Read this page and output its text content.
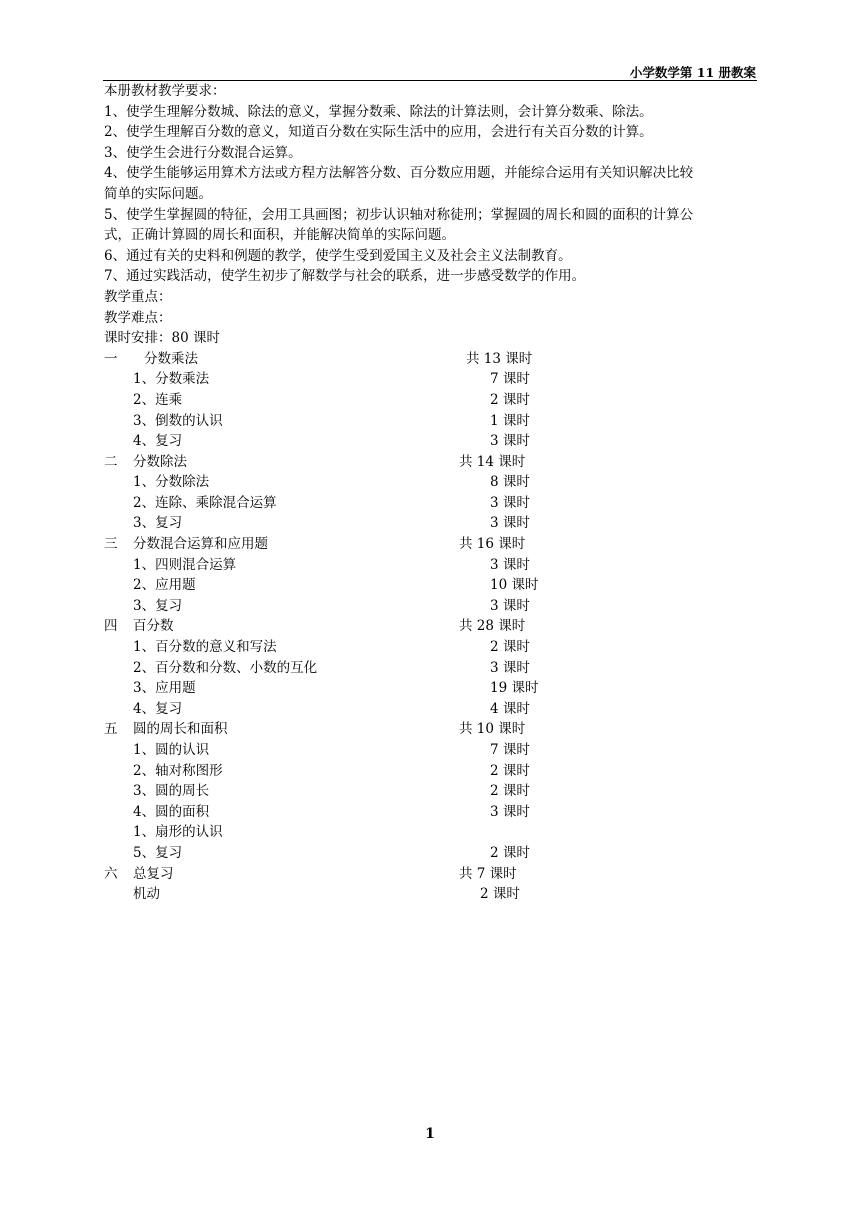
小学数学第 11 册教案
本册教材教学要求：
1、使学生理解分数城、除法的意义，掌握分数乘、除法的计算法则，会计算分数乘、除法。
2、使学生理解百分数的意义，知道百分数在实际生活中的应用，会进行有关百分数的计算。
3、使学生会进行分数混合运算。
4、使学生能够运用算术方法或方程方法解答分数、百分数应用题，并能综合运用有关知识解决比较
简单的实际问题。
5、使学生掌握圆的特征，会用工具画图；初步认识轴对称徒刑；掌握圆的周长和圆的面积的计算公
式，正确计算圆的周长和面积，并能解决简单的实际问题。
6、通过有关的史料和例题的教学，使学生受到爱国主义及社会主义法制教育。
7、通过实践活动，使学生初步了解数学与社会的联系，进一步感受数学的作用。
教学重点：
教学难点：
课时安排：80 课时
一 分数乘法	共 13 课时
1、分数乘法	7 课时
2、连乘	2 课时
3、倒数的认识	1 课时
4、复习	3 课时
二 分数除法	共 14 课时
1、分数除法	8 课时
2、连除、乘除混合运算	3 课时
3、复习	3 课时
三 分数混合运算和应用题	共 16 课时
1、四则混合运算	3 课时
2、应用题	10 课时
3、复习	3 课时
四 百分数	共 28 课时
1、百分数的意义和写法	2 课时
2、百分数和分数、小数的互化	3 课时
3、应用题	19 课时
4、复习	4 课时
五 圆的周长和面积	共 10 课时
1、圆的认识	7 课时
2、轴对称图形	2 课时
3、圆的周长	2 课时
4、圆的面积	3 课时
1、扇形的认识
5、复习	2 课时
六 总复习	共 7 课时
机动	2 课时
1
